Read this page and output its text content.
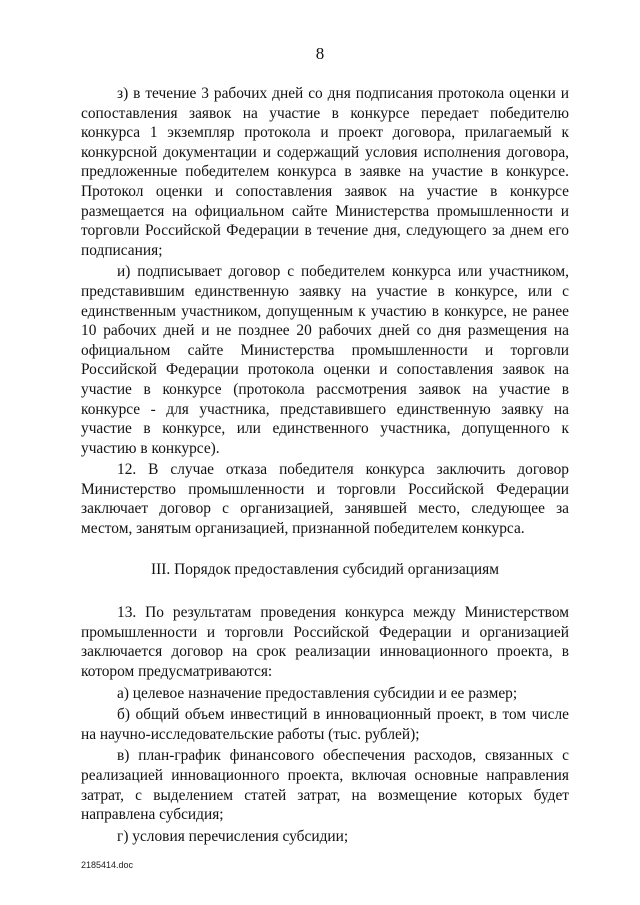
8

з) в течение 3 рабочих дней со дня подписания протокола оценки и сопоставления заявок на участие в конкурсе передает победителю конкурса 1 экземпляр протокола и проект договора, прилагаемый к конкурсной документации и содержащий условия исполнения договора, предложенные победителем конкурса в заявке на участие в конкурсе. Протокол оценки и сопоставления заявок на участие в конкурсе размещается на официальном сайте Министерства промышленности и торговли Российской Федерации в течение дня, следующего за днем его подписания;

и) подписывает договор с победителем конкурса или участником, представившим единственную заявку на участие в конкурсе, или с единственным участником, допущенным к участию в конкурсе, не ранее 10 рабочих дней и не позднее 20 рабочих дней со дня размещения на официальном сайте Министерства промышленности и торговли Российской Федерации протокола оценки и сопоставления заявок на участие в конкурсе (протокола рассмотрения заявок на участие в конкурсе - для участника, представившего единственную заявку на участие в конкурсе, или единственного участника, допущенного к участию в конкурсе).

12. В случае отказа победителя конкурса заключить договор Министерство промышленности и торговли Российской Федерации заключает договор с организацией, занявшей место, следующее за местом, занятым организацией, признанной победителем конкурса.

III. Порядок предоставления субсидий организациям

13. По результатам проведения конкурса между Министерством промышленности и торговли Российской Федерации и организацией заключается договор на срок реализации инновационного проекта, в котором предусматриваются:

а) целевое назначение предоставления субсидии и ее размер;

б) общий объем инвестиций в инновационный проект, в том числе на научно-исследовательские работы (тыс. рублей);

в) план-график финансового обеспечения расходов, связанных с реализацией инновационного проекта, включая основные направления затрат, с выделением статей затрат, на возмещение которых будет направлена субсидия;

г) условия перечисления субсидии;

2185414.doc
